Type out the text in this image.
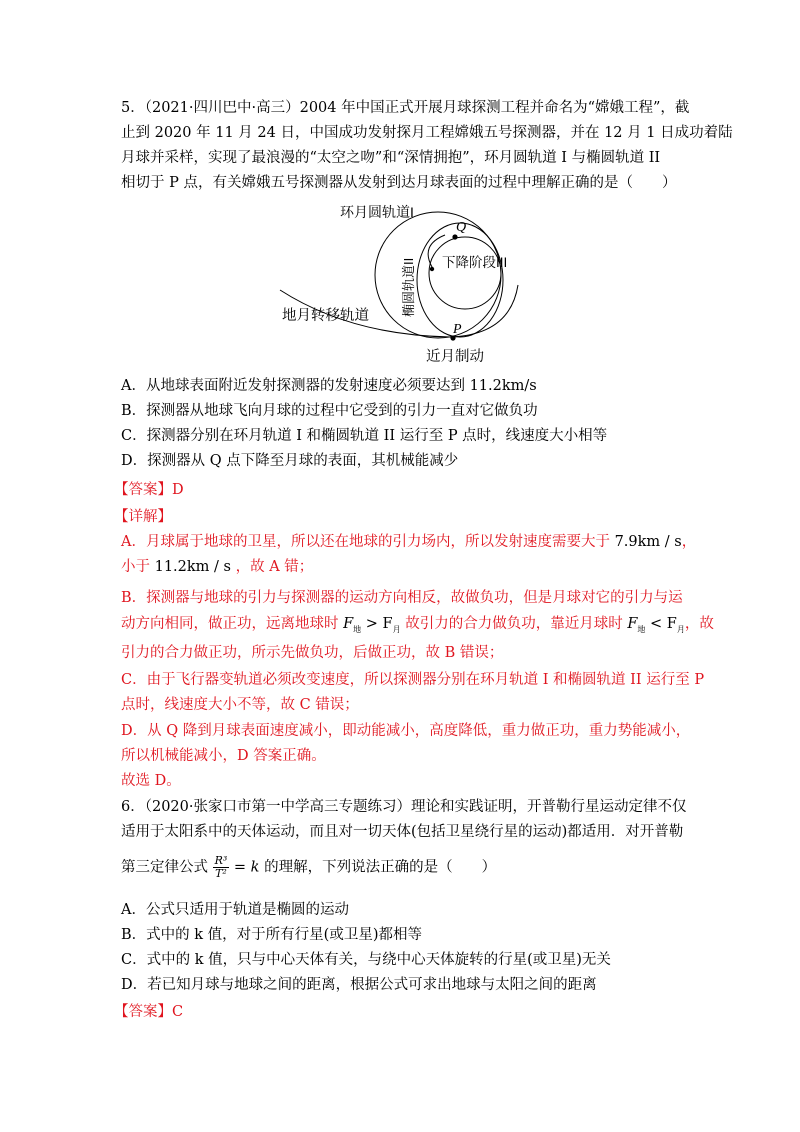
5．（2021·四川巴中·高三）2004 年中国正式开展月球探测工程并命名为“嫦娥工程”，截
止到 2020 年 11 月 24 日，中国成功发射探月工程嫦娥五号探测器，并在 12 月 1 日成功着陆
月球并采样，实现了最浪漫的“太空之吻”和“深情拥抱”，环月圆轨道 I 与椭圆轨道 II
相切于 P 点，有关嫦娥五号探测器从发射到达月球表面的过程中理解正确的是（　　）
环月圆轨道I
Q
下降阶段III
椭圆轨道II
地月转移轨道
P
近月制动
A．从地球表面附近发射探测器的发射速度必须要达到 11.2km/s
B．探测器从地球飞向月球的过程中它受到的引力一直对它做负功
C．探测器分别在环月轨道 I 和椭圆轨道 II 运行至 P 点时，线速度大小相等
D．探测器从 Q 点下降至月球的表面，其机械能减少
【答案】D
【详解】
A．月球属于地球的卫星，所以还在地球的引力场内，所以发射速度需要大于 7.9km / s，
小于 11.2km / s ，故 A 错；
B．探测器与地球的引力与探测器的运动方向相反，故做负功，但是月球对它的引力与运
动方向相同，做正功，远离地球时 $F_地 > F_月$ 故引力的合力做负功，靠近月球时 $F_地 < F_月$，故
引力的合力做正功，所示先做负功，后做正功，故 B 错误；
C．由于飞行器变轨道必须改变速度，所以探测器分别在环月轨道 I 和椭圆轨道 II 运行至 P
点时，线速度大小不等，故 C 错误；
D．从 Q 降到月球表面速度减小，即动能减小，高度降低，重力做正功，重力势能减小，
所以机械能减小，D 答案正确。
故选 D。
6．（2020·张家口市第一中学高三专题练习）理论和实践证明，开普勒行星运动定律不仅
适用于太阳系中的天体运动，而且对一切天体(包括卫星绕行星的运动)都适用．对开普勒
第三定律公式 $\frac{\text{R³}}{\text{T²}} = k$ 的理解，下列说法正确的是（　　）
A．公式只适用于轨道是椭圆的运动
B．式中的 k 值，对于所有行星(或卫星)都相等
C．式中的 k 值，只与中心天体有关，与绕中心天体旋转的行星(或卫星)无关
D．若已知月球与地球之间的距离，根据公式可求出地球与太阳之间的距离
【答案】C
